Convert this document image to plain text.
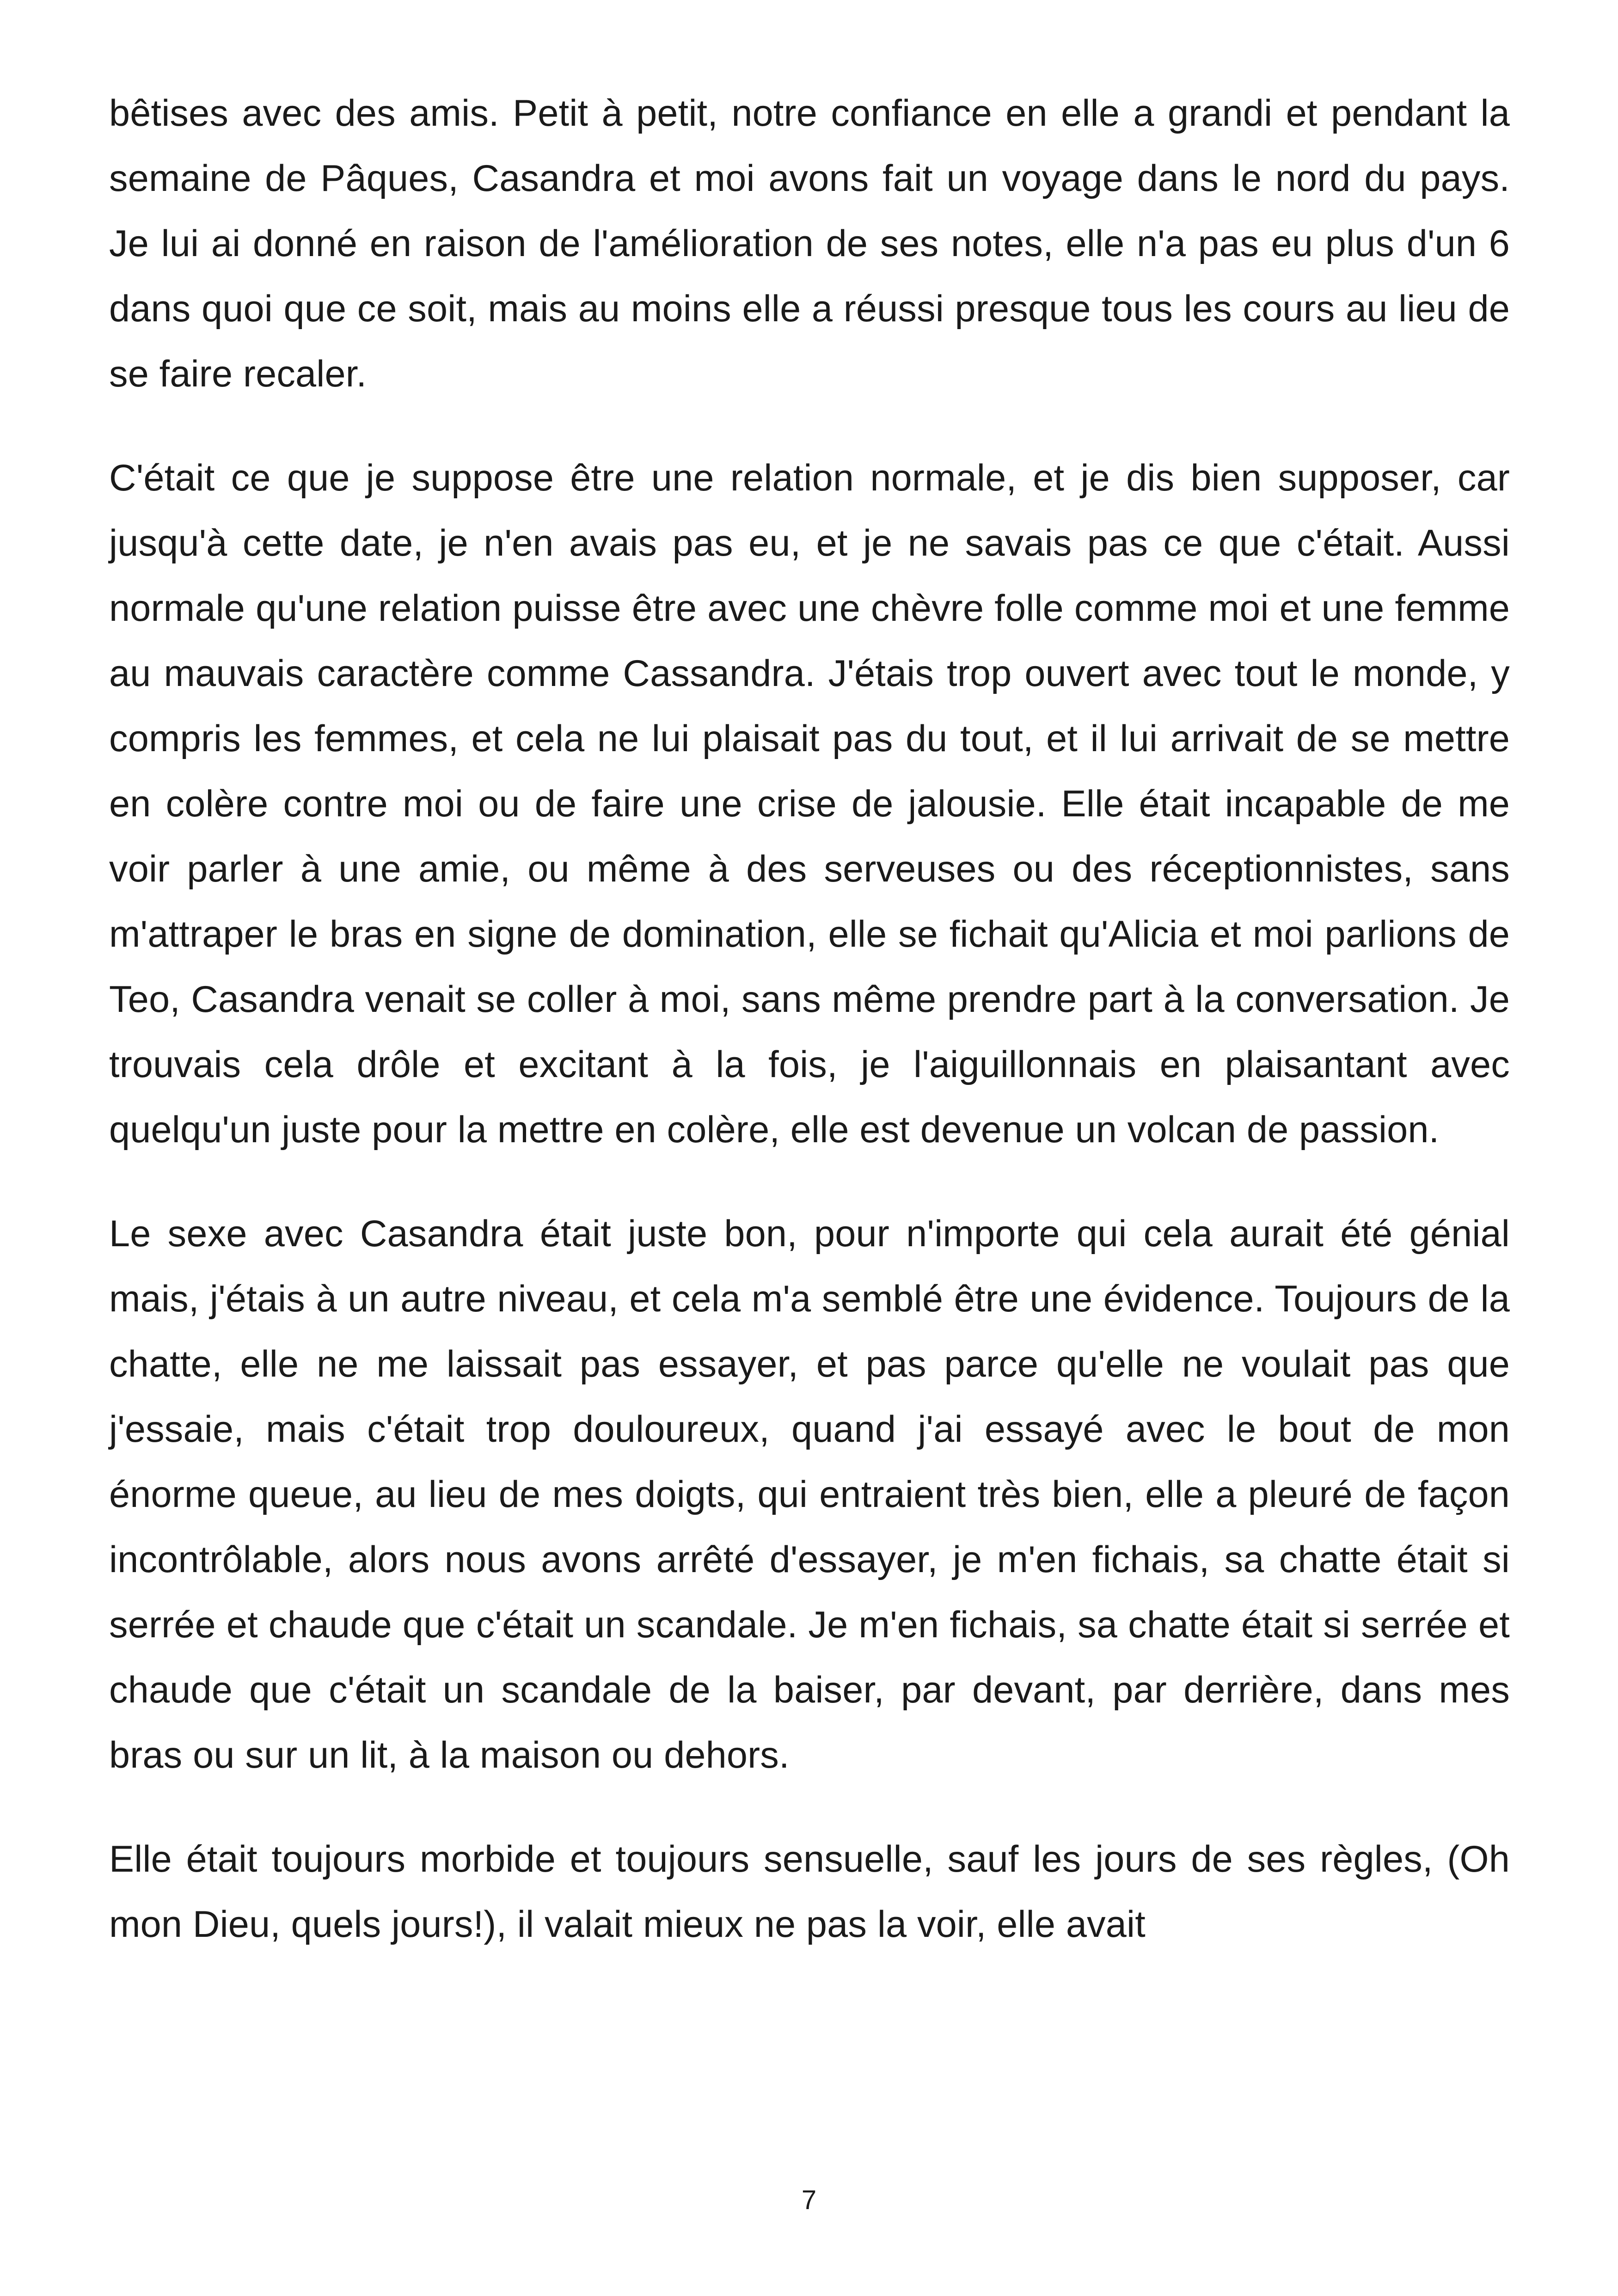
bêtises avec des amis. Petit à petit, notre confiance en elle a grandi et pendant la semaine de Pâques, Casandra et moi avons fait un voyage dans le nord du pays. Je lui ai donné en raison de l'amélioration de ses notes, elle n'a pas eu plus d'un 6 dans quoi que ce soit, mais au moins elle a réussi presque tous les cours au lieu de se faire recaler.

C'était ce que je suppose être une relation normale, et je dis bien supposer, car jusqu'à cette date, je n'en avais pas eu, et je ne savais pas ce que c'était. Aussi normale qu'une relation puisse être avec une chèvre folle comme moi et une femme au mauvais caractère comme Cassandra. J'étais trop ouvert avec tout le monde, y compris les femmes, et cela ne lui plaisait pas du tout, et il lui arrivait de se mettre en colère contre moi ou de faire une crise de jalousie. Elle était incapable de me voir parler à une amie, ou même à des serveuses ou des réceptionnistes, sans m'attraper le bras en signe de domination, elle se fichait qu'Alicia et moi parlions de Teo, Casandra venait se coller à moi, sans même prendre part à la conversation. Je trouvais cela drôle et excitant à la fois, je l'aiguillonnais en plaisantant avec quelqu'un juste pour la mettre en colère, elle est devenue un volcan de passion.

Le sexe avec Casandra était juste bon, pour n'importe qui cela aurait été génial mais, j'étais à un autre niveau, et cela m'a semblé être une évidence. Toujours de la chatte, elle ne me laissait pas essayer, et pas parce qu'elle ne voulait pas que j'essaie, mais c'était trop douloureux, quand j'ai essayé avec le bout de mon énorme queue, au lieu de mes doigts, qui entraient très bien, elle a pleuré de façon incontrôlable, alors nous avons arrêté d'essayer, je m'en fichais, sa chatte était si serrée et chaude que c'était un scandale. Je m'en fichais, sa chatte était si serrée et chaude que c'était un scandale de la baiser, par devant, par derrière, dans mes bras ou sur un lit, à la maison ou dehors.

Elle était toujours morbide et toujours sensuelle, sauf les jours de ses règles, (Oh mon Dieu, quels jours!), il valait mieux ne pas la voir, elle avait

7
